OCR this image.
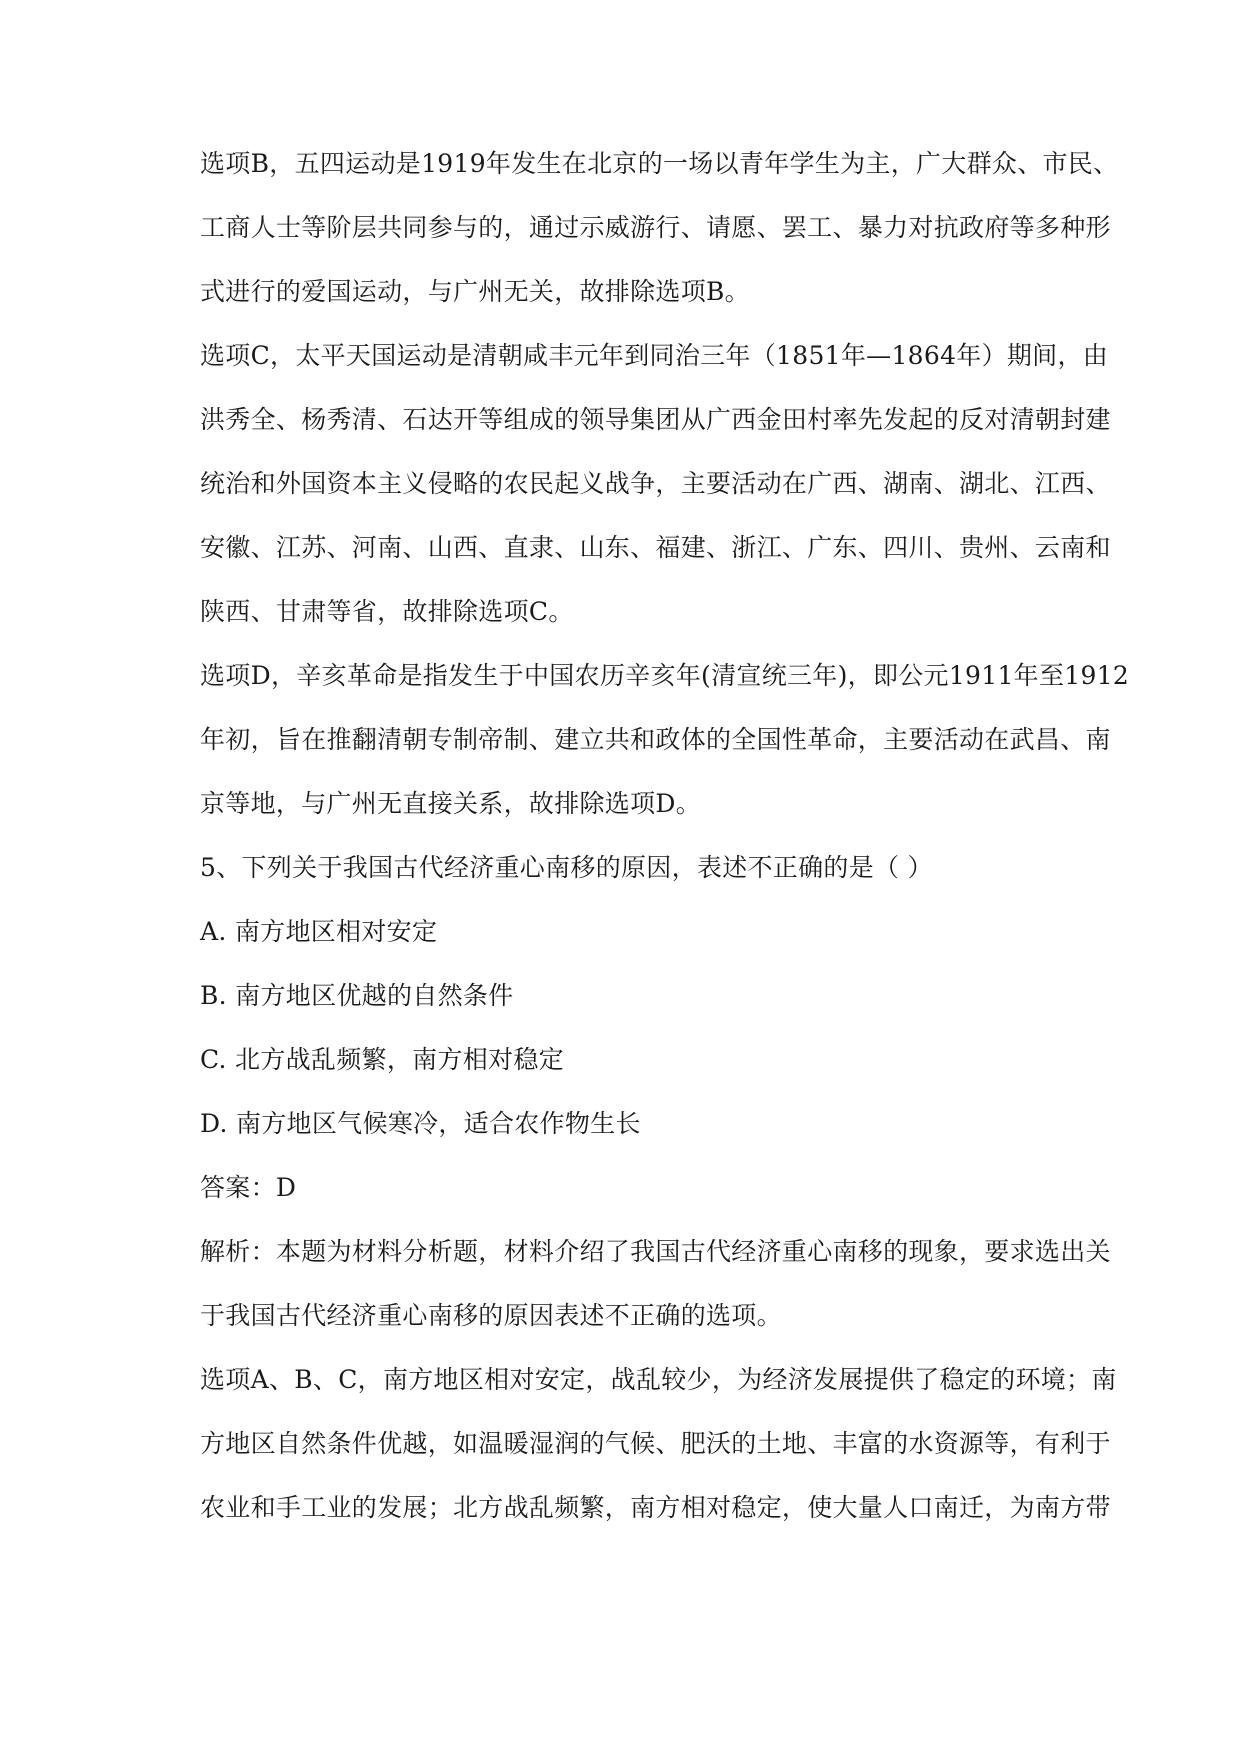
选项B，五四运动是1919年发生在北京的一场以青年学生为主，广大群众、市民、
工商人士等阶层共同参与的，通过示威游行、请愿、罢工、暴力对抗政府等多种形
式进行的爱国运动，与广州无关，故排除选项B。
选项C，太平天国运动是清朝咸丰元年到同治三年（1851年—1864年）期间，由
洪秀全、杨秀清、石达开等组成的领导集团从广西金田村率先发起的反对清朝封建
统治和外国资本主义侵略的农民起义战争，主要活动在广西、湖南、湖北、江西、
安徽、江苏、河南、山西、直隶、山东、福建、浙江、广东、四川、贵州、云南和
陕西、甘肃等省，故排除选项C。
选项D，辛亥革命是指发生于中国农历辛亥年(清宣统三年)，即公元1911年至1912
年初，旨在推翻清朝专制帝制、建立共和政体的全国性革命，主要活动在武昌、南
京等地，与广州无直接关系，故排除选项D。
5、下列关于我国古代经济重心南移的原因，表述不正确的是（ ）
A. 南方地区相对安定
B. 南方地区优越的自然条件
C. 北方战乱频繁，南方相对稳定
D. 南方地区气候寒冷，适合农作物生长
答案：D
解析：本题为材料分析题，材料介绍了我国古代经济重心南移的现象，要求选出关
于我国古代经济重心南移的原因表述不正确的选项。
选项A、B、C，南方地区相对安定，战乱较少，为经济发展提供了稳定的环境；南
方地区自然条件优越，如温暖湿润的气候、肥沃的土地、丰富的水资源等，有利于
农业和手工业的发展；北方战乱频繁，南方相对稳定，使大量人口南迁，为南方带
